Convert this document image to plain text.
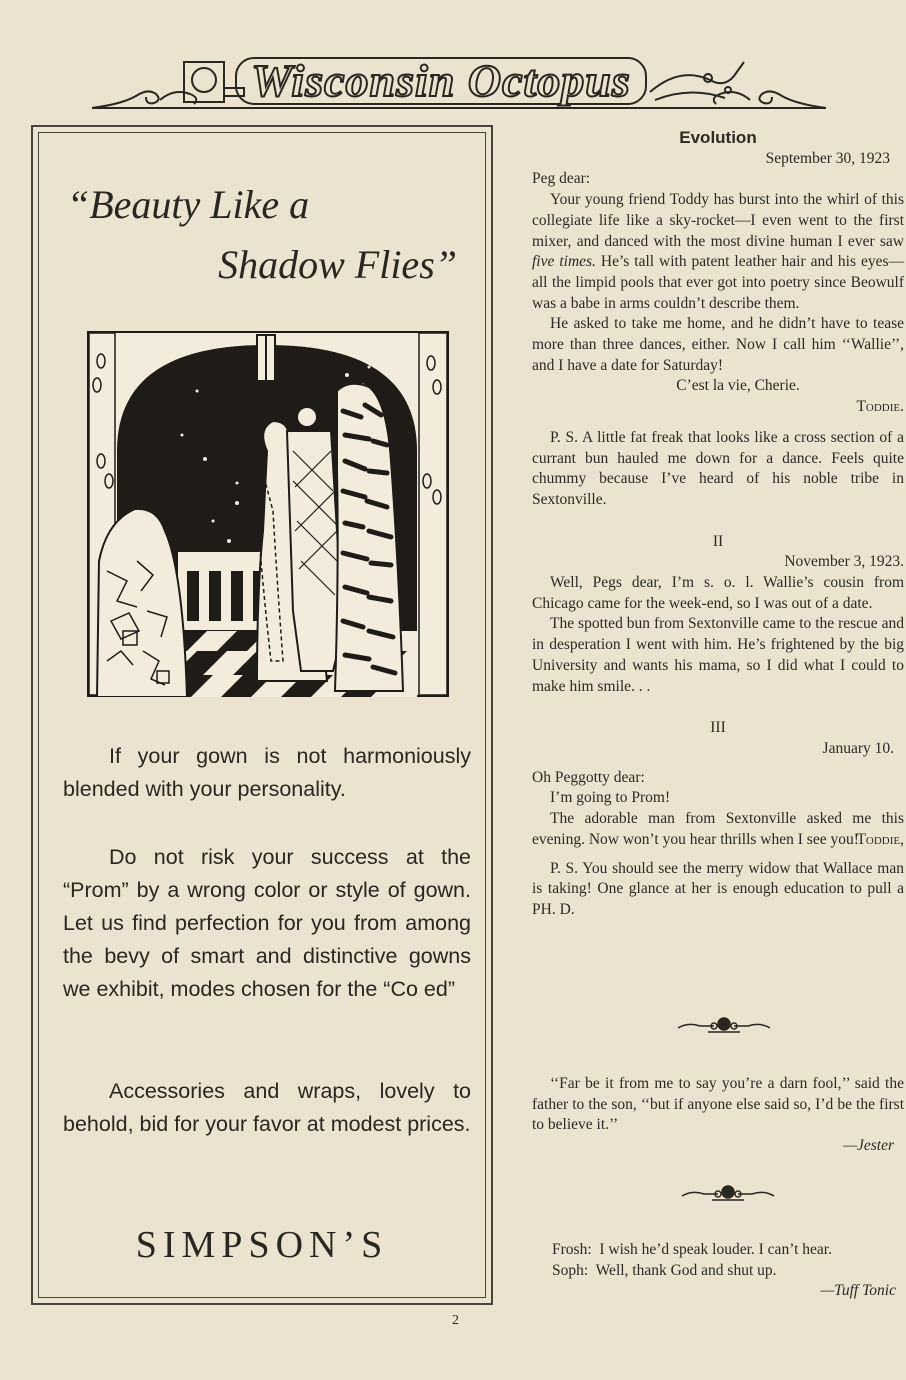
Wisconsin Octopus
“Beauty Like a
Shadow Flies”
If your gown is not harmoniously blended with your personality.
Do not risk your success at the “Prom” by a wrong color or style of gown. Let us find perfection for you from among the bevy of smart and distinctive gowns we exhibit, modes chosen for the “Co ed”
Accessories and wraps, lovely to behold, bid for your favor at modest prices.
SIMPSON’S

Evolution

September 30, 1923

Peg dear:

Your young friend Toddy has burst into the whirl of this collegiate life like a sky-rocket—I even went to the first mixer, and danced with the most divine human I ever saw five times. He’s tall with patent leather hair and his eyes—all the limpid pools that ever got into poetry since Beowulf was a babe in arms couldn’t describe them.

He asked to take me home, and he didn’t have to tease more than three dances, either. Now I call him ‘‘Wallie’’, and I have a date for Saturday!

C’est la vie, Cherie.

Toddie.

P. S. A little fat freak that looks like a cross section of a currant bun hauled me down for a dance. Feels quite chummy because I’ve heard of his noble tribe in Sextonville.

II

November 3, 1923.

Well, Pegs dear, I’m s. o. l. Wallie’s cousin from Chicago came for the week-end, so I was out of a date.

The spotted bun from Sextonville came to the rescue and in desperation I went with him. He’s frightened by the big University and wants his mama, so I did what I could to make him smile. . .

III

January 10.

Oh Peggotty dear:

I’m going to Prom!

The adorable man from Sextonville asked me this evening. Now won’t you hear thrills when I see you!

Toddie,

P. S. You should see the merry widow that Wallace man is taking! One glance at her is enough education to pull a PH. D.

‘‘Far be it from me to say you’re a darn fool,’’ said the father to the son, ‘‘but if anyone else said so, I’d be the first to believe it.’’

—Jester

Frosh: I wish he’d speak louder. I can’t hear.

Soph: Well, thank God and shut up.

—Tuff Tonic

2
